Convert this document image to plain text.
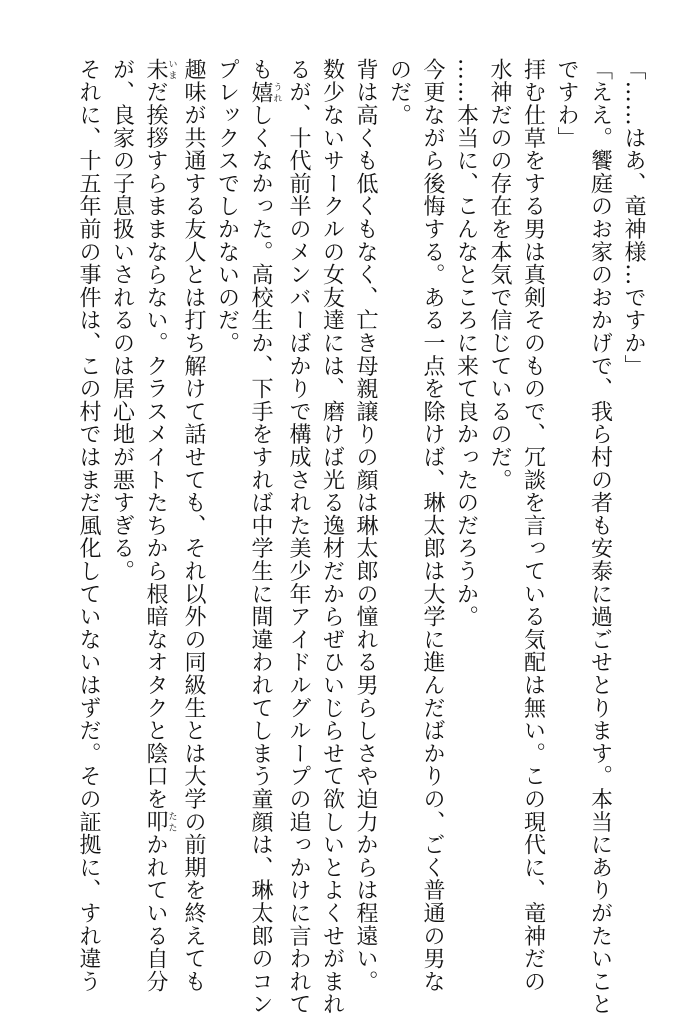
「……はあ、竜神様…ですか」
「ええ。饗庭のお家のおかげで、我ら村の者も安泰に過ごせとります。本当にありがたいこと
ですわ」
拝む仕草をする男は真剣そのもので、冗談を言っている気配は無い。この現代に、竜神だの
水神だのの存在を本気で信じているのだ。
……本当に、こんなところに来て良かったのだろうか。
今更ながら後悔する。ある一点を除けば、琳太郎は大学に進んだばかりの、ごく普通の男な
のだ。
背は高くも低くもなく、亡き母親譲りの顔は琳太郎の憧れる男らしさや迫力からは程遠い。
数少ないサークルの女友達には、磨けば光る逸材だからぜひいじらせて欲しいとよくせがまれ
るが、十代前半のメンバーばかりで構成された美少年アイドルグループの追っかけに言われて
も嬉うれしくなかった。高校生か、下手をすれば中学生に間違われてしまう童顔は、琳太郎のコン
プレックスでしかないのだ。
趣味が共通する友人とは打ち解けて話せても、それ以外の同級生とは大学の前期を終えても
未いまだ挨拶すらままならない。クラスメイトたちから根暗なオタクと陰口を叩たたかれている自分
が、良家の子息扱いされるのは居心地が悪すぎる。
それに、十五年前の事件は、この村ではまだ風化していないはずだ。その証拠に、すれ違う
